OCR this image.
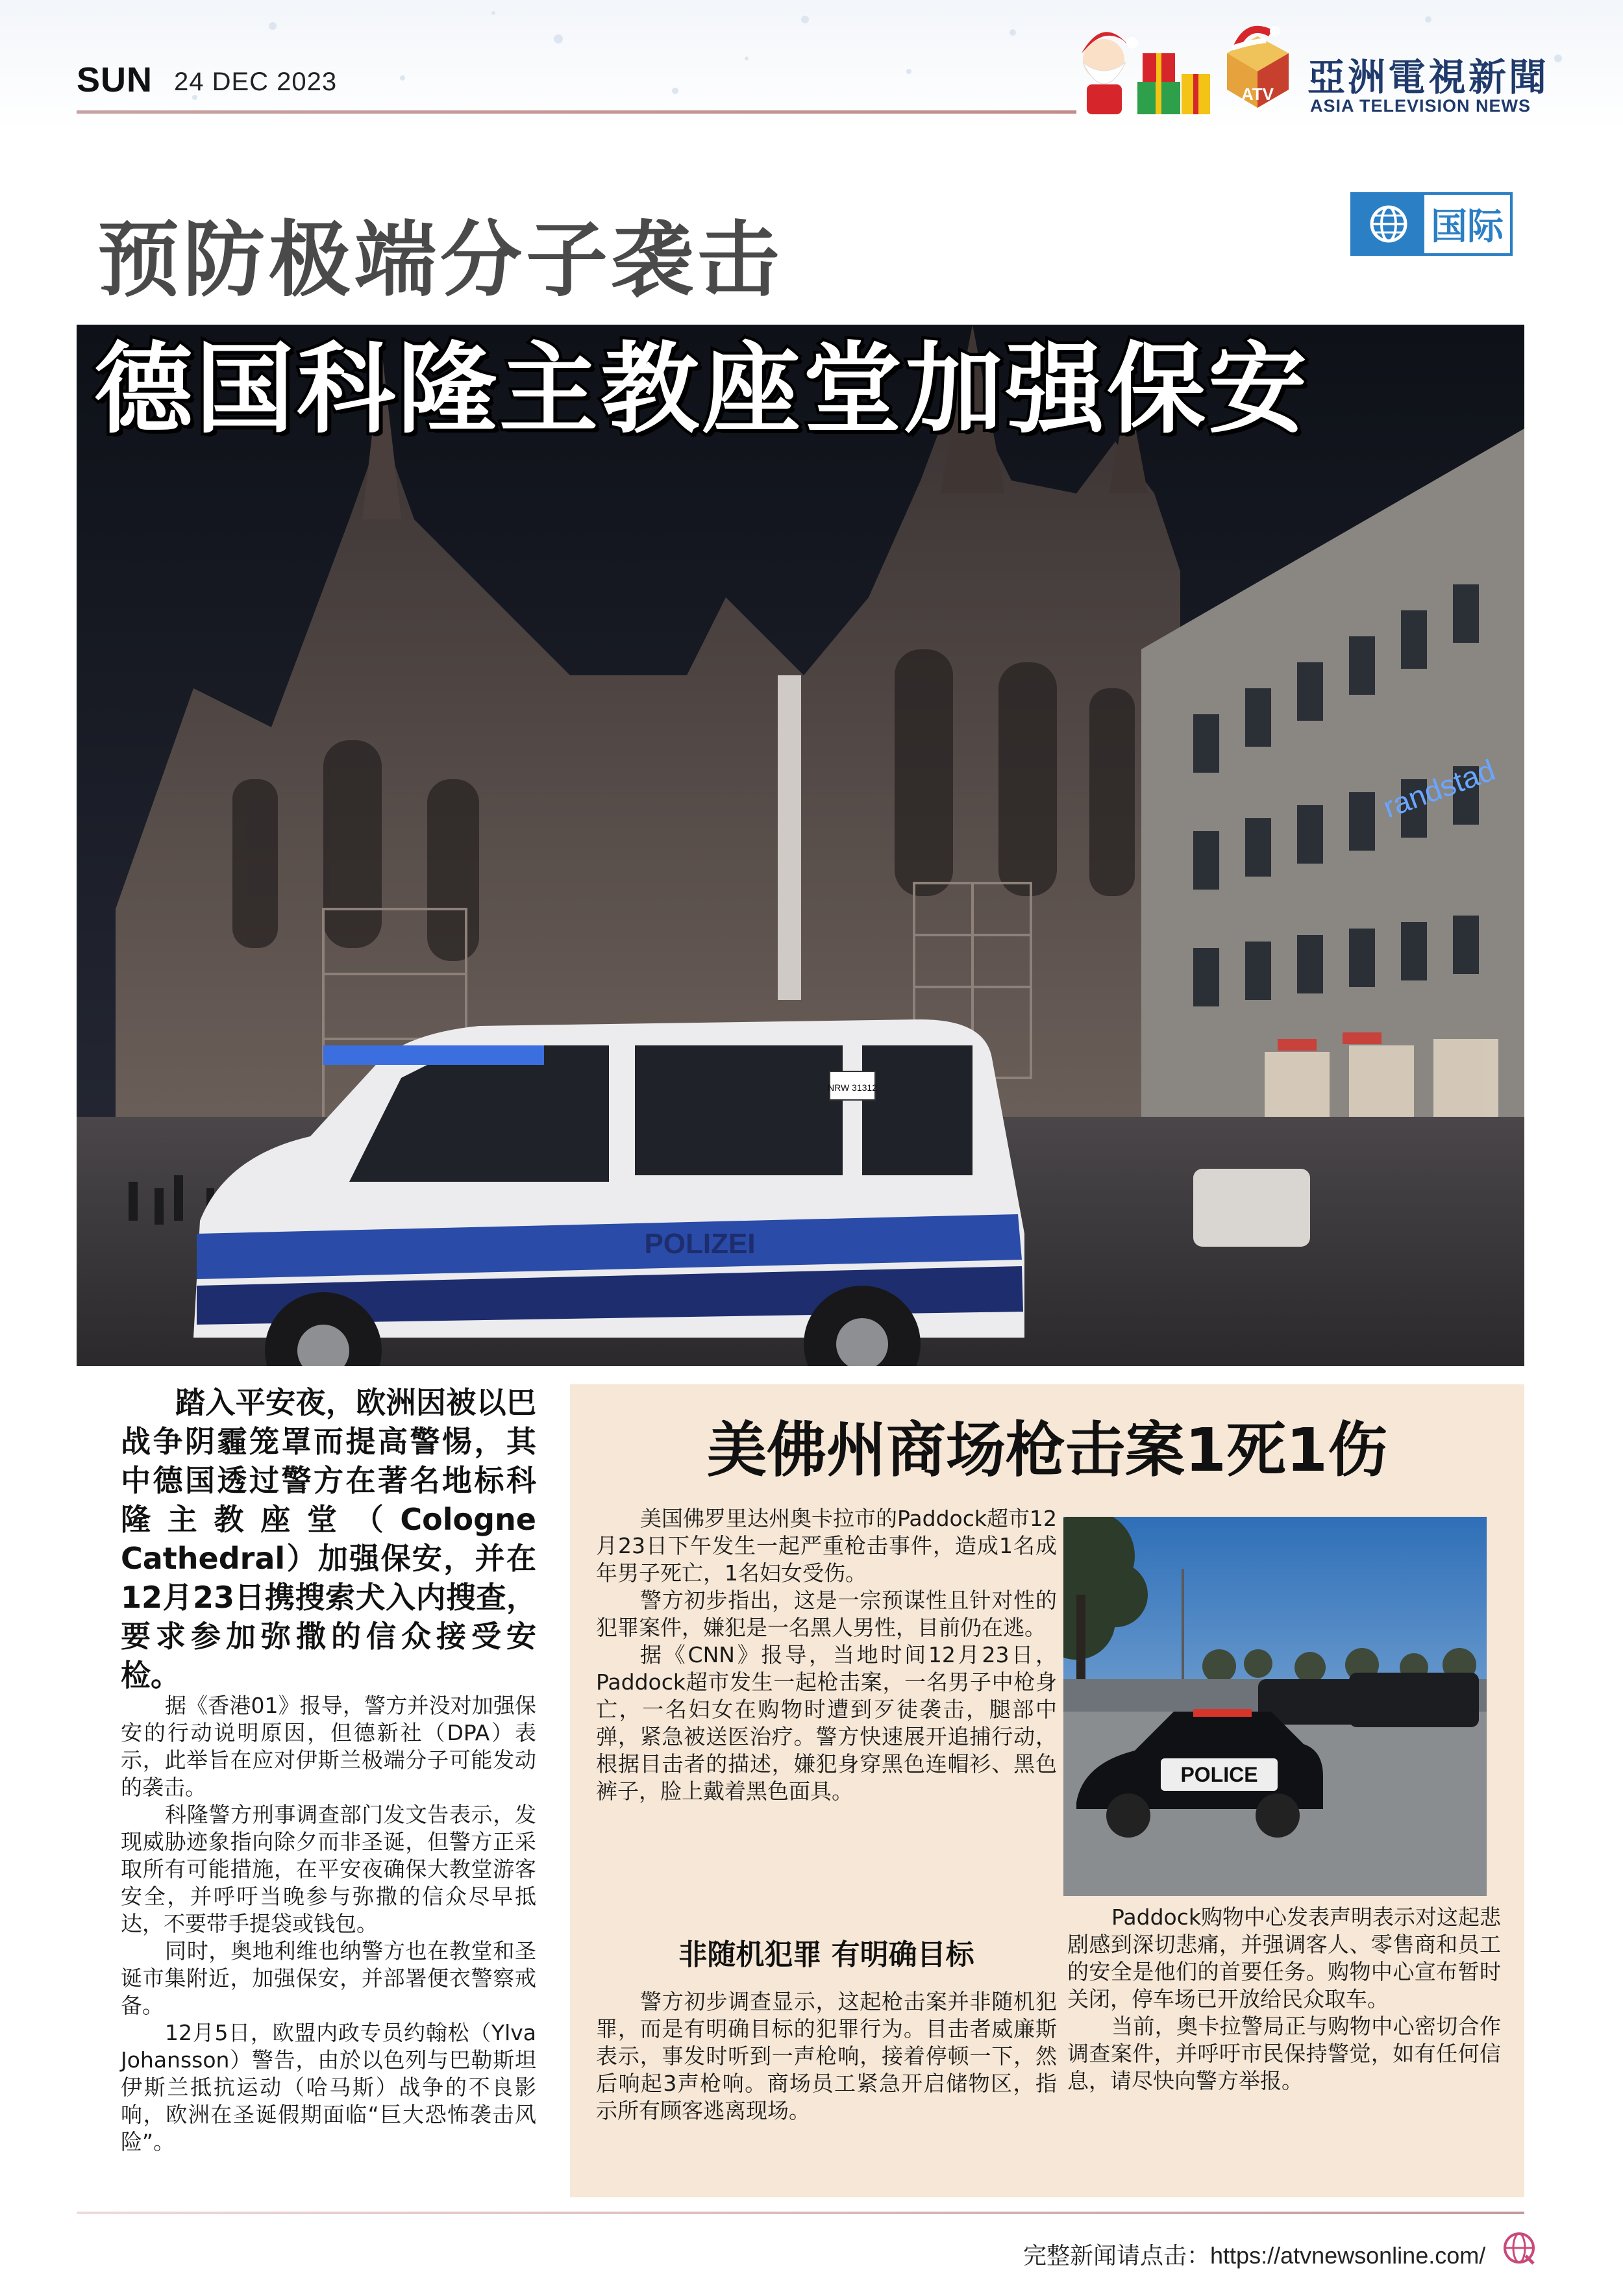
SUN 24 DEC 2023	ATV 亞洲電視新聞
ASIA TELEVISION NEWS
预防极端分子袭击	国际
randstad
POLIZEI
NRW 31312
德国科隆主教座堂加强保安

踏入平安夜，欧洲因被以巴战争阴霾笼罩而提高警惕，其中德国透过警方在著名地标科隆主教座堂（Cologne Cathedral）加强保安，并在12月23日携搜索犬入内搜查，要求参加弥撒的信众接受安检。

据《香港01》报导，警方并没对加强保安的行动说明原因，但德新社（DPA）表示，此举旨在应对伊斯兰极端分子可能发动的袭击。

科隆警方刑事调查部门发文告表示，发现威胁迹象指向除夕而非圣诞，但警方正采取所有可能措施，在平安夜确保大教堂游客安全，并呼吁当晚参与弥撒的信众尽早抵达，不要带手提袋或钱包。

同时，奥地利维也纳警方也在教堂和圣诞市集附近，加强保安，并部署便衣警察戒备。

12月5日，欧盟内政专员约翰松（Ylva Johansson）警告，由於以色列与巴勒斯坦伊斯兰抵抗运动（哈马斯）战争的不良影响，欧洲在圣诞假期面临“巨大恐怖袭击风险”。

美佛州商场枪击案1死1伤

美国佛罗里达州奥卡拉市的Paddock超市12月23日下午发生一起严重枪击事件，造成1名成年男子死亡，1名妇女受伤。

警方初步指出，这是一宗预谋性且针对性的犯罪案件，嫌犯是一名黑人男性，目前仍在逃。

据《CNN》报导，当地时间12月23日，Paddock超市发生一起枪击案，一名男子中枪身亡，一名妇女在购物时遭到歹徒袭击，腿部中弹，紧急被送医治疗。警方快速展开追捕行动，根据目击者的描述，嫌犯身穿黑色连帽衫、黑色裤子，脸上戴着黑色面具。

非随机犯罪 有明确目标

警方初步调查显示，这起枪击案并非随机犯罪，而是有明确目标的犯罪行为。目击者威廉斯表示，事发时听到一声枪响，接着停顿一下，然后响起3声枪响。商场员工紧急开启储物区，指示所有顾客逃离现场。

POLICE

Paddock购物中心发表声明表示对这起悲剧感到深切悲痛，并强调客人、零售商和员工的安全是他们的首要任务。购物中心宣布暂时关闭，停车场已开放给民众取车。

当前，奥卡拉警局正与购物中心密切合作调查案件，并呼吁市民保持警觉，如有任何信息，请尽快向警方举报。

完整新闻请点击：https://atvnewsonline.com/
